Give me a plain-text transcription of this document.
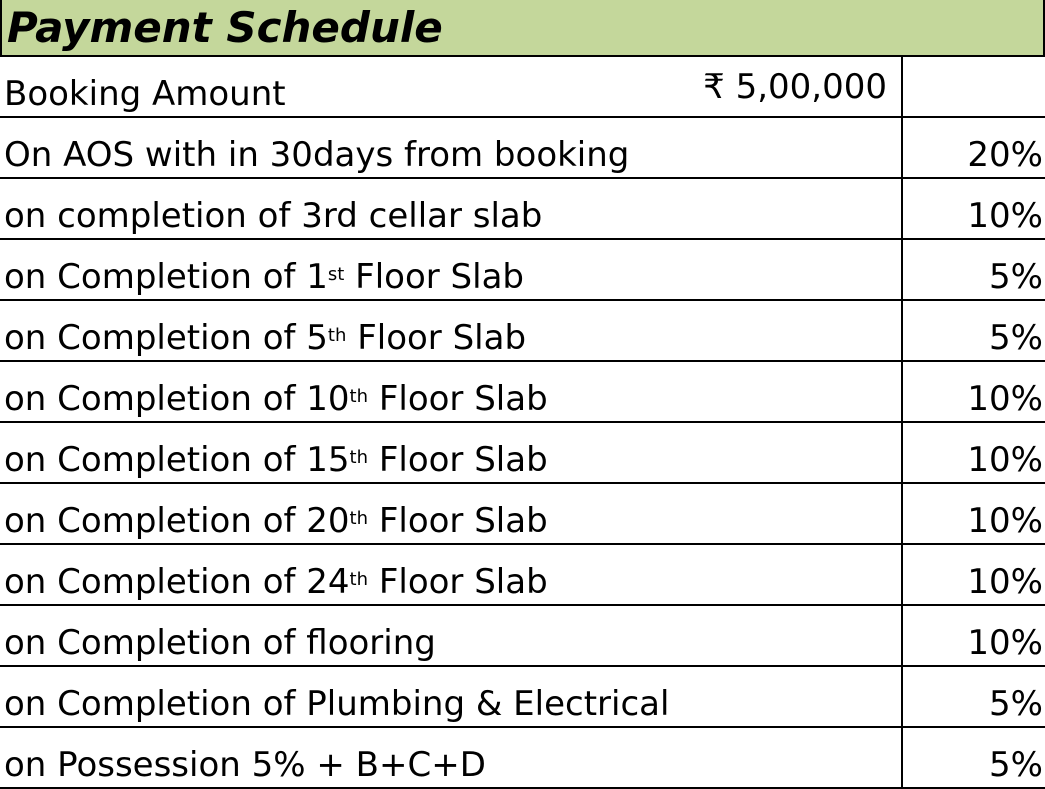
Payment Schedule
Booking Amount ₹ 5,00,000	

On AOS with in 30days from booking	20%
on completion of 3rd cellar slab	10%
on Completion of 1st Floor Slab	5%
on Completion of 5th Floor Slab	5%
on Completion of 10th Floor Slab	10%
on Completion of 15th Floor Slab	10%
on Completion of 20th Floor Slab	10%
on Completion of 24th Floor Slab	10%
on Completion of flooring	10%
on Completion of Plumbing & Electrical	5%
on Possession 5% + B+C+D	5%
